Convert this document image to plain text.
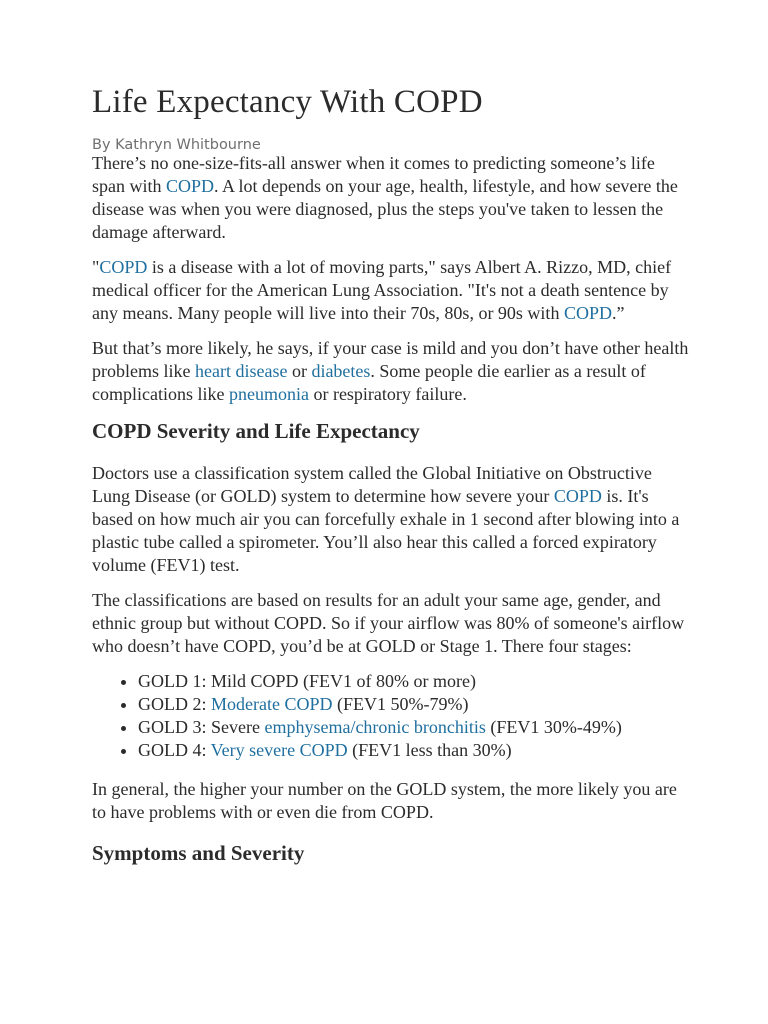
Life Expectancy With COPD

By Kathryn Whitbourne

There’s no one-size-fits-all answer when it comes to predicting someone’s life span with COPD. A lot depends on your age, health, lifestyle, and how severe the disease was when you were diagnosed, plus the steps you've taken to lessen the damage afterward.

"COPD is a disease with a lot of moving parts," says Albert A. Rizzo, MD, chief medical officer for the American Lung Association. "It's not a death sentence by any means. Many people will live into their 70s, 80s, or 90s with COPD.”

But that’s more likely, he says, if your case is mild and you don’t have other health problems like heart disease or diabetes. Some people die earlier as a result of complications like pneumonia or respiratory failure.

COPD Severity and Life Expectancy

Doctors use a classification system called the Global Initiative on Obstructive Lung Disease (or GOLD) system to determine how severe your COPD is. It's based on how much air you can forcefully exhale in 1 second after blowing into a plastic tube called a spirometer. You’ll also hear this called a forced expiratory volume (FEV1) test.

The classifications are based on results for an adult your same age, gender, and ethnic group but without COPD. So if your airflow was 80% of someone's airflow who doesn’t have COPD, you’d be at GOLD or Stage 1. There four stages:

• GOLD 1: Mild COPD (FEV1 of 80% or more)
• GOLD 2: Moderate COPD (FEV1 50%-79%)
• GOLD 3: Severe emphysema/chronic bronchitis (FEV1 30%-49%)
• GOLD 4: Very severe COPD (FEV1 less than 30%)

In general, the higher your number on the GOLD system, the more likely you are to have problems with or even die from COPD.

Symptoms and Severity
